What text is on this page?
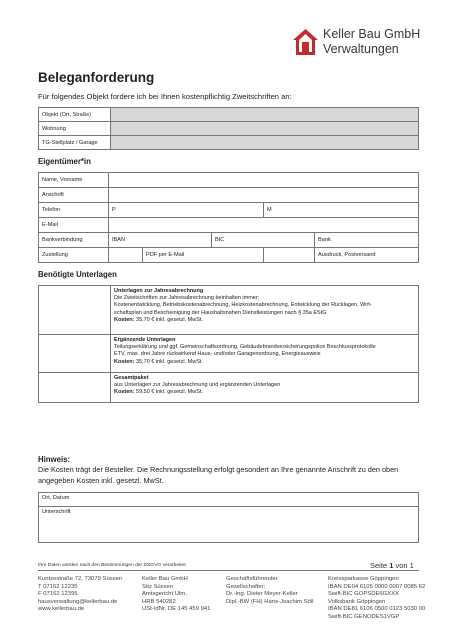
Keller Bau GmbH
Verwaltungen
Beleganforderung
Für folgendes Objekt fordere ich bei Ihnen kostenpflichtig Zweitschriften an:
Objekt (Ort, Straße)	
Wohnung	
TG-Stellplatz / Garage	
Eigentümer*in
Name, Vorname					
Anschrift					
Telefon	P			M	
E-Mail					
Bankverbindung	IBAN		BIC		Bank
Zustellung		PDF per E-Mail			Ausdruck, Postversand
Benötigte Unterlagen

	Unterlagen zur Jahresabrechnung
Die Zweitschriften zur Jahresabrechnung beinhalten immer:
Kostenentwicklung, Betriebskostenabrechnung, Heizkostenabrechnung, Entwicklung der Rücklagen, Wirt-
schaftsplan und Bescheinigung der Haushaltsnahen Dienstleistungen nach § 35a EStG
Kosten: 35,70 € inkl. gesetzl. MwSt.

	Ergänzende Unterlagen
Teilungserklärung und ggf. Gemeinschaftsordnung, Gebäudebrandversicherungspolice Beschlussprotokolle
ETV, max. drei Jahre rückwirkend Haus- und/oder Garagenordnung, Energieausweis
Kosten: 35,70 € inkl. gesetzl. MwSt.

	Gesamtpaket
aus Unterlagen zur Jahresabrechnung und ergänzenden Unterlagen
Kosten: 59,50 € inkl. gesetzl. MwSt.
Hinweis:
Die Kosten trägt der Besteller. Die Rechnungsstellung erfolgt gesondert an Ihre genannte Anschrift zu den oben angegeben Kosten inkl. gesetzl. MwSt.
Ort, Datum
Unterschrift
Ihre Daten werden nach den Bestimmungen der DSGVO verarbeitet.	Seite 1 von 1
Kuntzestraße 72, 73079 Süssen
T 07162 12235
F 07162 12395
hausverwaltung@kellerbau.de
www.kellerbau.de
Keller Bau GmbH
Sitz Süssen
Amtsgericht Ulm,
HRB 540282
USt-IdNr. DE 145 459 941
Geschäftsführender
Gesellschafter:
Dr.-Ing. Dieter Meyer-Keller
Dipl.-BW (FH) Hans-Joachim Söll
Kreissparkasse Göppingen
IBAN DE04 6105 0000 0007 0085 62
Swift-BIC GOPSDE6GXXX
Volksbank Göppingen
IBAN DE81 6106 0500 0123 5030 00
Swift-BIC GENODES1VGP
